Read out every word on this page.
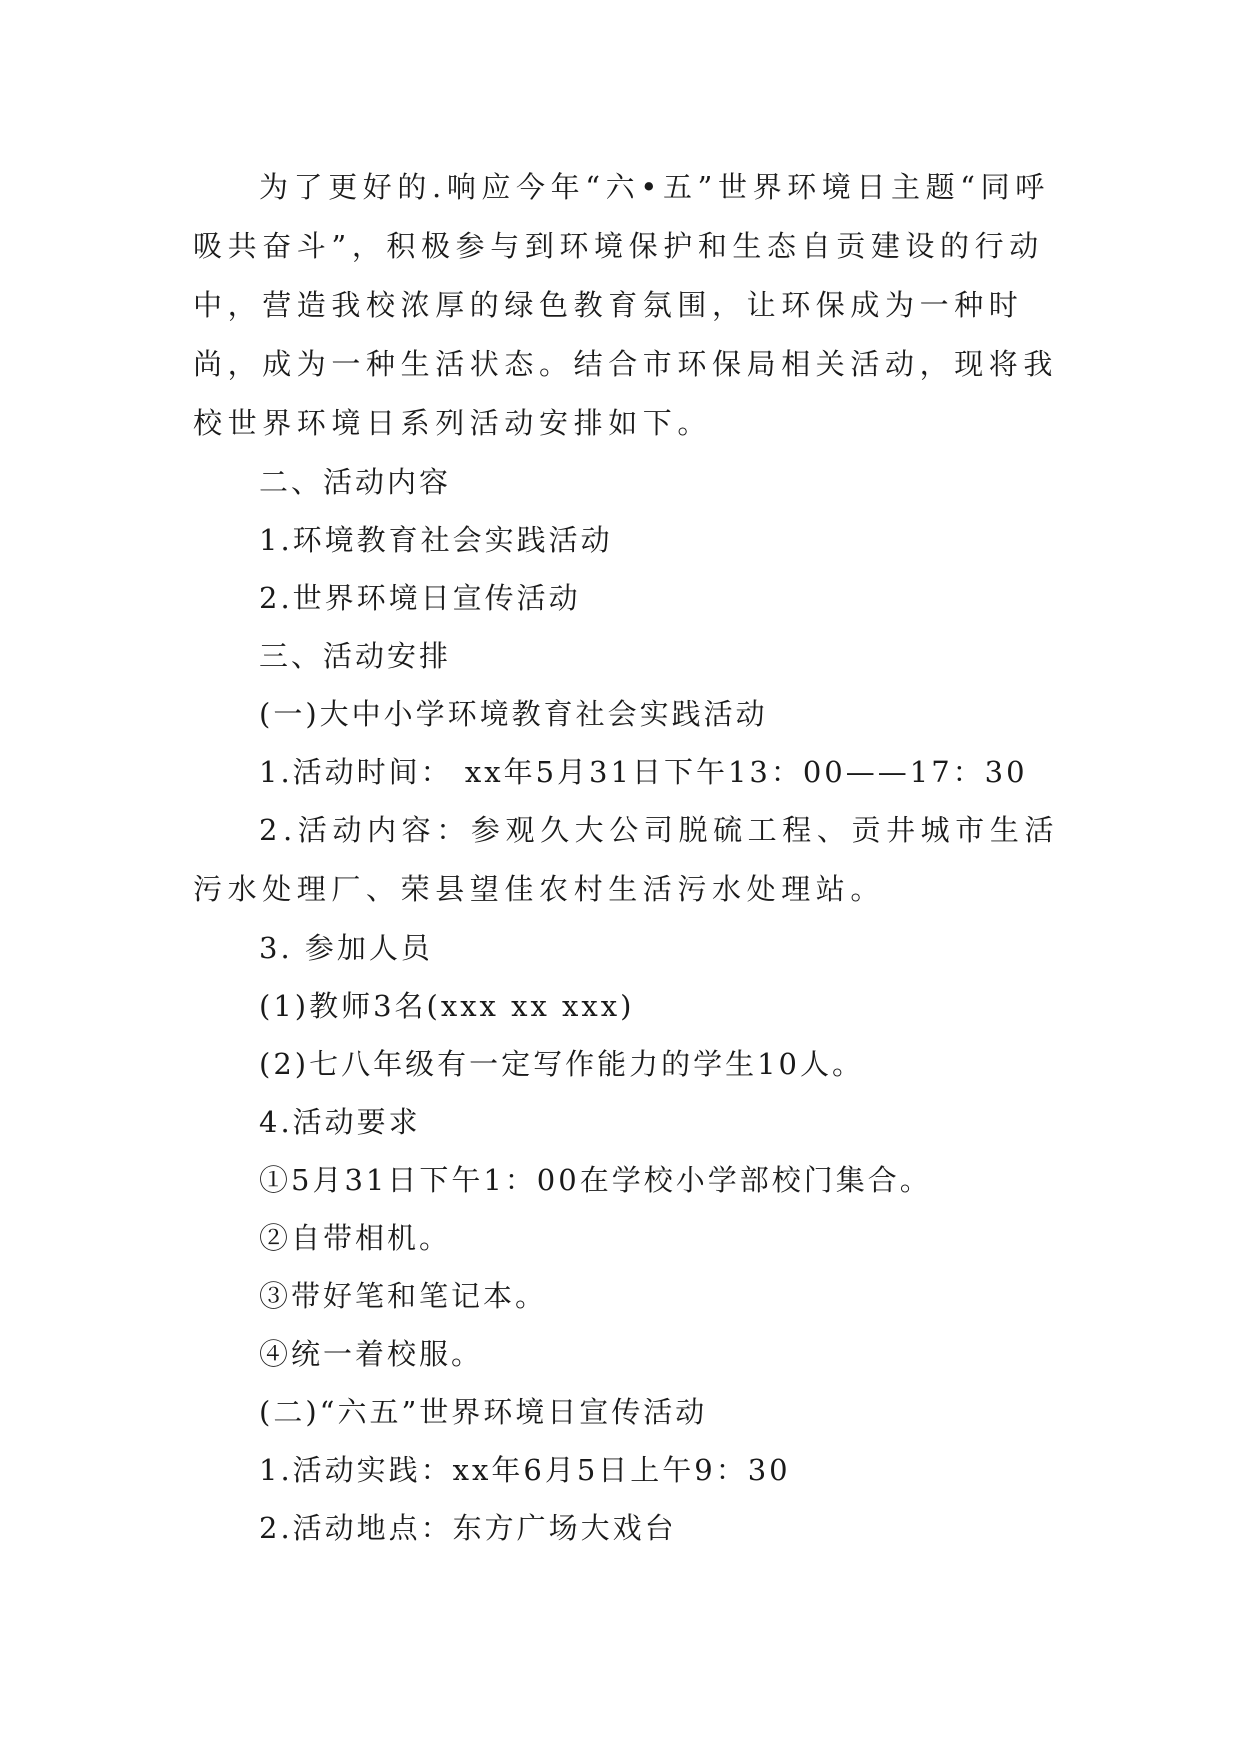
为了更好的.响应今年“六•五”世界环境日主题“同呼吸共奋斗”，积极参与到环境保护和生态自贡建设的行动中，营造我校浓厚的绿色教育氛围，让环保成为一种时尚，成为一种生活状态。结合市环保局相关活动，现将我校世界环境日系列活动安排如下。

二、活动内容

1.环境教育社会实践活动

2.世界环境日宣传活动

三、活动安排

(一)大中小学环境教育社会实践活动

1.活动时间： xx年5月31日下午13：00——17：30

2.活动内容：参观久大公司脱硫工程、贡井城市生活污水处理厂、荣县望佳农村生活污水处理站。

3. 参加人员

(1)教师3名(xxx xx xxx)

(2)七八年级有一定写作能力的学生10人。

4.活动要求

①5月31日下午1：00在学校小学部校门集合。

②自带相机。

③带好笔和笔记本。

④统一着校服。

(二)“六五”世界环境日宣传活动

1.活动实践：xx年6月5日上午9：30

2.活动地点：东方广场大戏台
